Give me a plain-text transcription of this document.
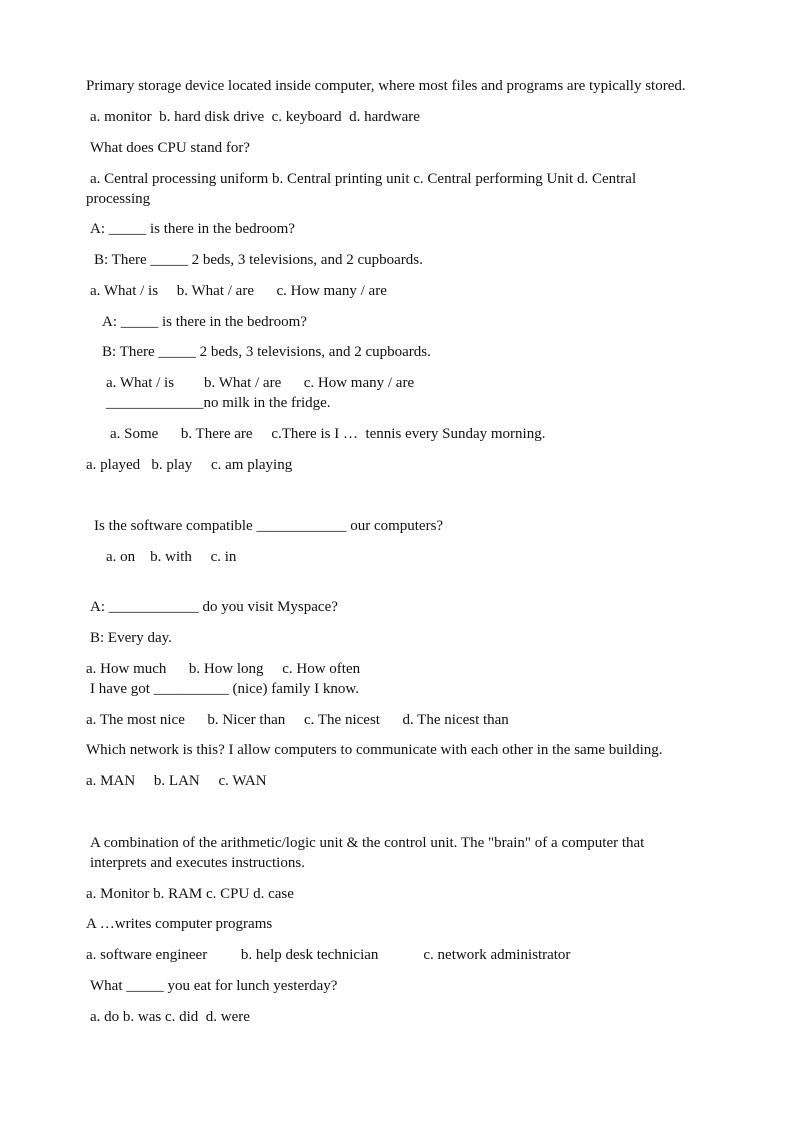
Primary storage device located inside computer, where most files and programs are typically stored.
a. monitor  b. hard disk drive  c. keyboard  d. hardware
What does CPU stand for?
a. Central processing uniform b. Central printing unit c. Central performing Unit d. Central
processing
A: _____ is there in the bedroom?
B: There _____ 2 beds, 3 televisions, and 2 cupboards.
a. What / is     b. What / are      c. How many / are
A: _____ is there in the bedroom?
B: There _____ 2 beds, 3 televisions, and 2 cupboards.
a. What / is        b. What / are      c. How many / are
_____________no milk in the fridge.
a. Some      b. There are     c.There is I …  tennis every Sunday morning.
a. played   b. play     c. am playing
Is the software compatible ____________ our computers?
a. on    b. with     c. in
A: ____________ do you visit Myspace?
B: Every day.
a. How much      b. How long     c. How often
I have got __________ (nice) family I know.
a. The most nice      b. Nicer than     c. The nicest      d. The nicest than
Which network is this? I allow computers to communicate with each other in the same building.
a. MAN     b. LAN     c. WAN
A combination of the arithmetic/logic unit & the control unit. The "brain" of a computer that
interprets and executes instructions.
a. Monitor b. RAM c. CPU d. case
A …writes computer programs
a. software engineer         b. help desk technician            c. network administrator
What _____ you eat for lunch yesterday?
a. do b. was c. did  d. were
